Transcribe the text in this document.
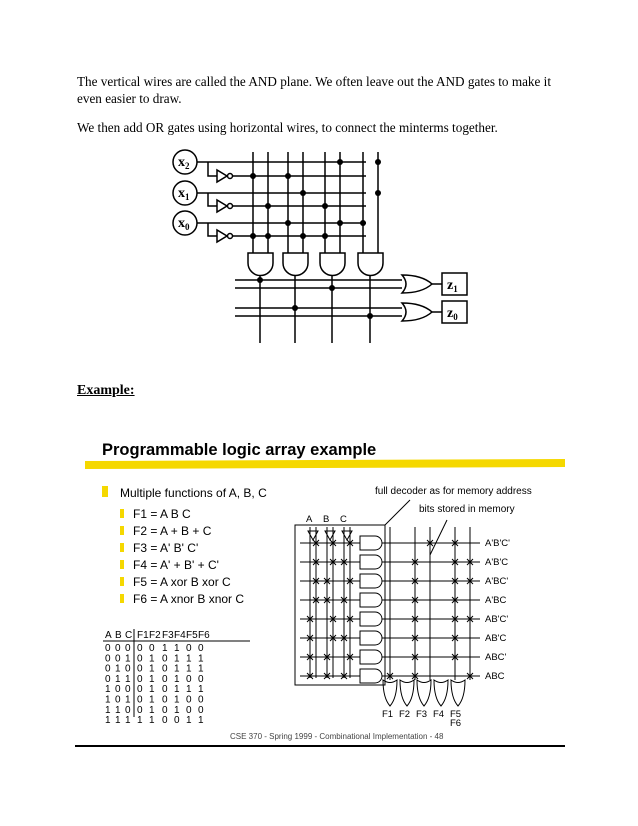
The vertical wires are called the AND plane. We often leave out the AND gates to make it even easier to draw.

We then add OR gates using horizontal wires, to connect the minterms together.

$x_2$
$x_1$
$x_0$
$z_1$
$z_0$

Example:

Programmable logic array example
Multiple functions of A, B, C
F1 = A B C
F2 = A + B + C
F3 = A' B' C'
F4 = A' + B' + C'
F5 = A xor B xor C
F6 = A xnor B xnor C
A B C F1 F2 F3 F4 F5 F6
0 0 0 0 0 1 1 0 0
0 0 1 0 1 0 1 1 1
0 1 0 0 1 0 1 1 1
0 1 1 0 1 0 1 0 0
1 0 0 0 1 0 1 1 1
1 0 1 0 1 0 1 0 0
1 1 0 0 1 0 1 0 0
1 1 1 1 1 0 0 1 1
full decoder as for memory address
bits stored in memory
A B C
A'B'C'
A'B'C
A'BC'
A'BC
AB'C'
AB'C
ABC'
ABC
F1 F2 F3 F4 F5
F6
CSE 370 - Spring 1999 - Combinational Implementation - 48
